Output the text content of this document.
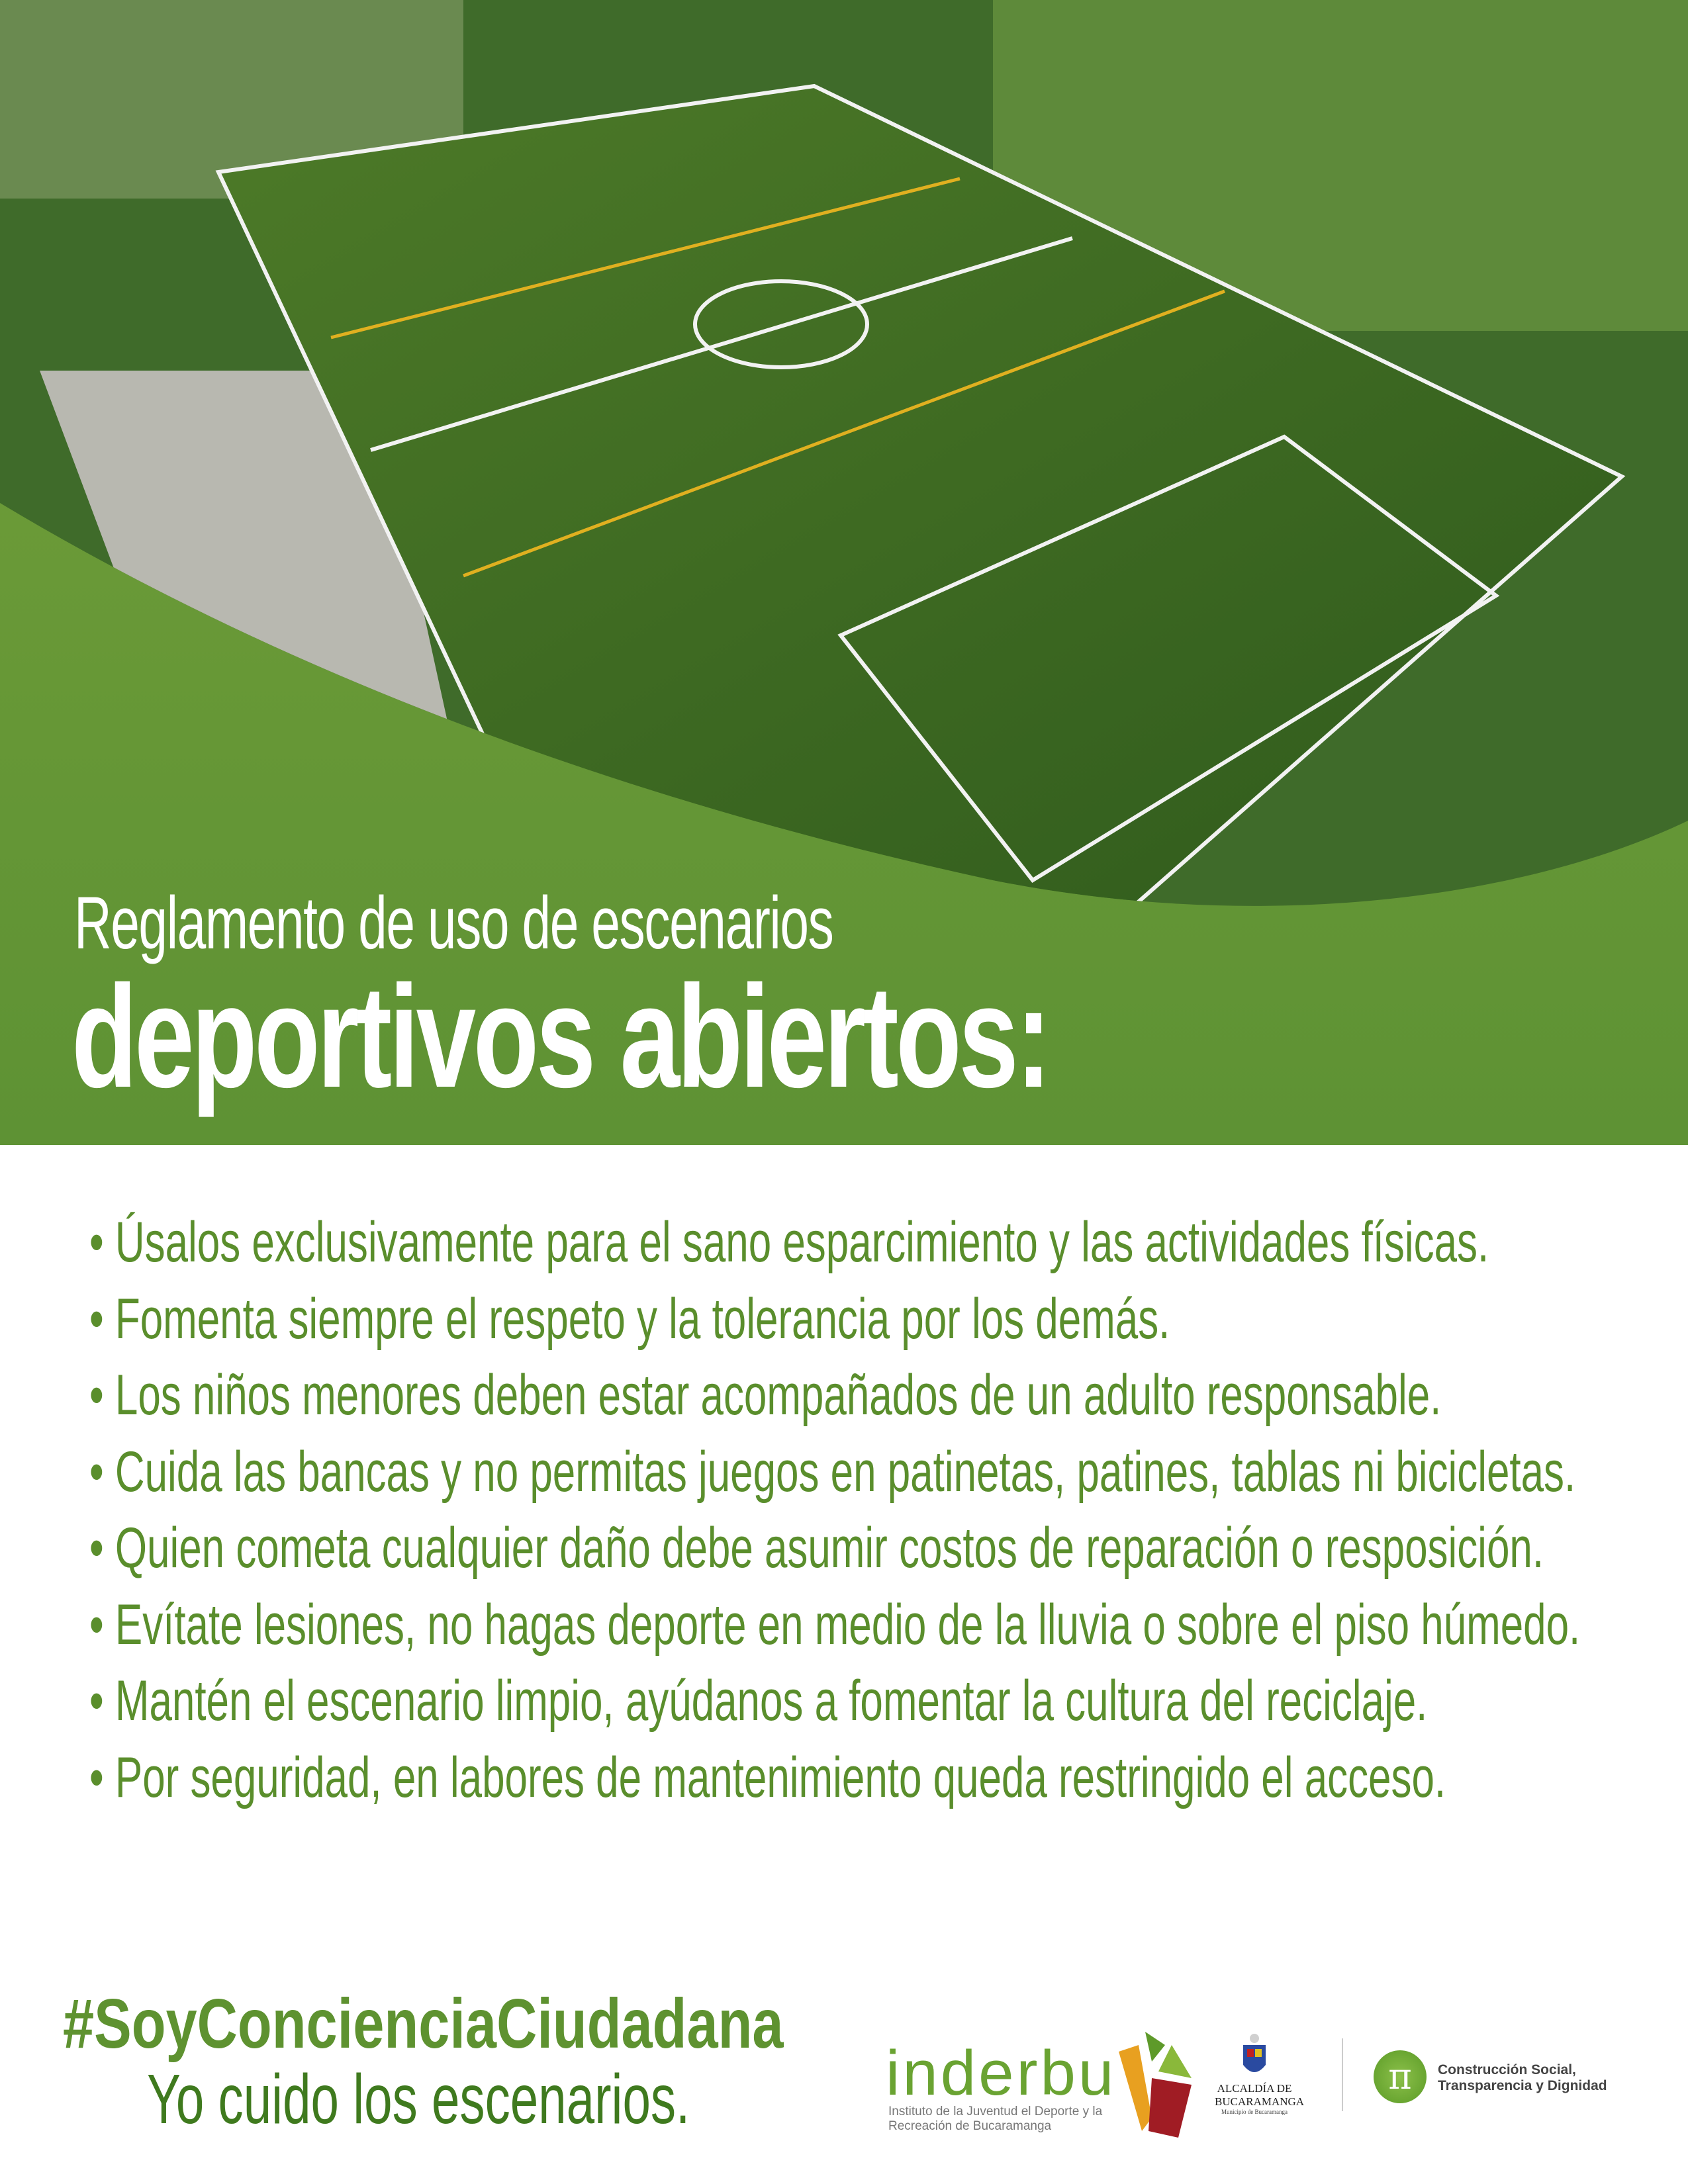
Reglamento de uso de escenarios
deportivos abiertos:
• Úsalos exclusivamente para el sano esparcimiento y las actividades físicas.
• Fomenta siempre el respeto y la tolerancia por los demás.
• Los niños menores deben estar acompañados de un adulto responsable.
• Cuida las bancas y no permitas juegos en patinetas, patines, tablas ni bicicletas.
• Quien cometa cualquier daño debe asumir costos de reparación o resposición.
• Evítate lesiones, no hagas deporte en medio de la lluvia o sobre el piso húmedo.
• Mantén el escenario limpio, ayúdanos a fomentar la cultura del reciclaje.
• Por seguridad, en labores de mantenimiento queda restringido el acceso.
#SoyConcienciaCiudadana
Yo cuido los escenarios.	inderbu
Instituto de la Juventud el Deporte y la Recreación de Bucaramanga
ALCALDÍA DE BUCARAMANGA
Municipio de Bucaramanga
π	Construcción Social,
Transparencia y Dignidad
